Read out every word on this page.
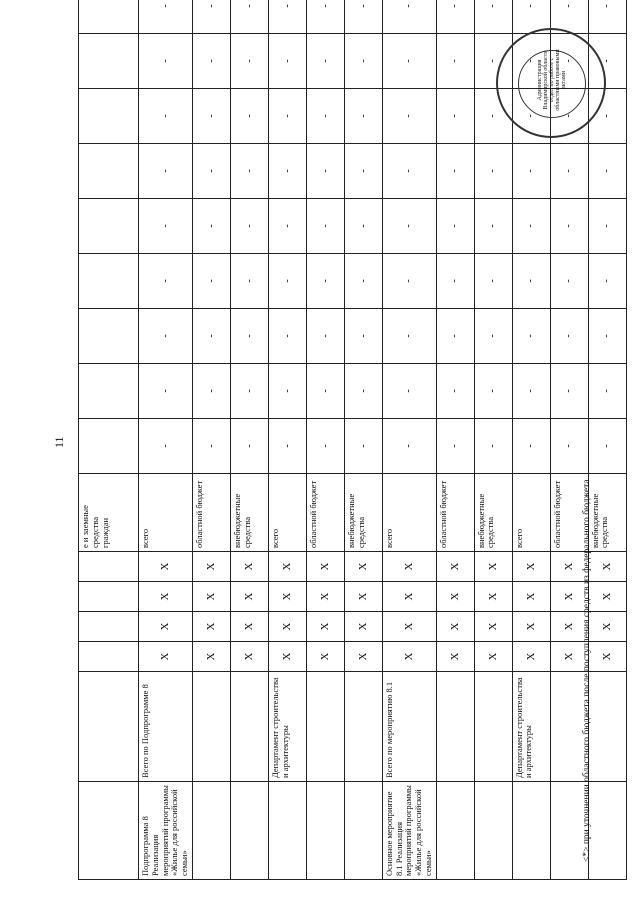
11
						е и заемные
средства
граждан									
Подпрограмма 8 Реализация мероприятий программы «Жилье для российской семьи»	Всего по Подпрограмме 8	Х	Х	Х	Х	всего	-	-	-	-	-	-	-	-	-
		Х	Х	Х	Х	областной бюджет	-	-	-	-	-	-	-	-	-
		Х	Х	Х	Х	внебюджетные средства	-	-	-	-	-	-	-	-	-
	Департамент строительства и архитектуры	Х	Х	Х	Х	всего	-	-	-	-	-	-	-	-	-
		Х	Х	Х	Х	областной бюджет	-	-	-	-	-	-	-	-	-
		Х	Х	Х	Х	внебюджетные средства	-	-	-	-	-	-	-	-	-
Основное мероприятие 8.1 Реализация мероприятий программы «Жилье для российской семьи»	Всего по мероприятию 8.1	Х	Х	Х	Х	всего	-	-	-	-	-	-	-	-	-
		Х	Х	Х	Х	областной бюджет	-	-	-	-	-	-	-	-	-
		Х	Х	Х	Х	внебюджетные средства	-	-	-	-	-	-	-	-	-
	Департамент строительства и архитектуры	Х	Х	Х	Х	всего	-	-	-	-	-	-	-	-	-
		Х	Х	Х	Х	областной бюджет	-	-	-	-	-	-	-	-	-
		Х	Х	Х	Х	внебюджетные средства	-	-	-	-	-	-	-	-	-
<*> при уточнении областного бюджета после поступления средств из федерального бюджета
Администрация Владимирской области
отдел по работе с областными правовыми актами
